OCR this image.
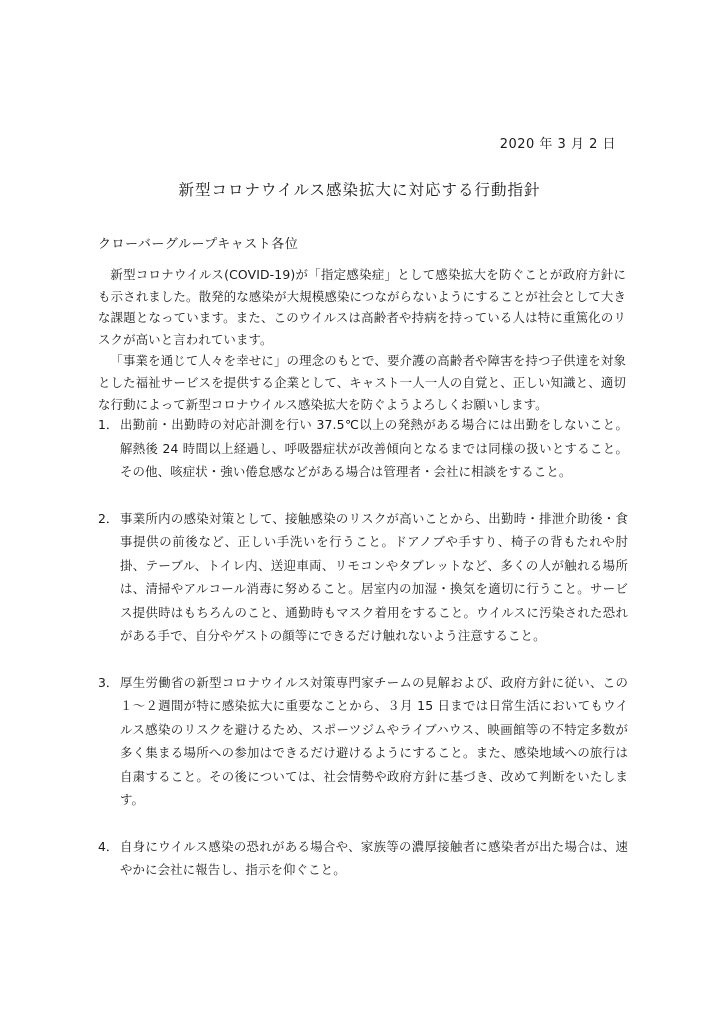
2020 年 3 月 2 日
新型コロナウイルス感染拡大に対応する行動指針
クローバーグループキャスト各位

新型コロナウイルス(COVID-19)が「指定感染症」として感染拡大を防ぐことが政府方針にも示されました。散発的な感染が大規模感染につながらないようにすることが社会として大きな課題となっています。また、このウイルスは高齢者や持病を持っている人は特に重篤化のリスクが高いと言われています。

「事業を通じて人々を幸せに」の理念のもとで、要介護の高齢者や障害を持つ子供達を対象とした福祉サービスを提供する企業として、キャスト一人一人の自覚と、正しい知識と、適切な行動によって新型コロナウイルス感染拡大を防ぐようよろしくお願いします。

1． 出勤前・出勤時の対応計測を行い 37.5℃以上の発熱がある場合には出勤をしないこと。解熱後 24 時間以上経過し、呼吸器症状が改善傾向となるまでは同様の扱いとすること。その他、咳症状・強い倦怠感などがある場合は管理者・会社に相談をすること。
2． 事業所内の感染対策として、接触感染のリスクが高いことから、出勤時・排泄介助後・食事提供の前後など、正しい手洗いを行うこと。ドアノブや手すり、椅子の背もたれや肘掛、テーブル、トイレ内、送迎車両、リモコンやタブレットなど、多くの人が触れる場所は、清掃やアルコール消毒に努めること。居室内の加湿・換気を適切に行うこと。サービス提供時はもちろんのこと、通勤時もマスク着用をすること。ウイルスに汚染された恐れがある手で、自分やゲストの顔等にできるだけ触れないよう注意すること。
3． 厚生労働省の新型コロナウイルス対策専門家チームの見解および、政府方針に従い、この１～２週間が特に感染拡大に重要なことから、３月 15 日までは日常生活においてもウイルス感染のリスクを避けるため、スポーツジムやライブハウス、映画館等の不特定多数が多く集まる場所への参加はできるだけ避けるようにすること。また、感染地域への旅行は自粛すること。その後については、社会情勢や政府方針に基づき、改めて判断をいたします。
4． 自身にウイルス感染の恐れがある場合や、家族等の濃厚接触者に感染者が出た場合は、速やかに会社に報告し、指示を仰ぐこと。
